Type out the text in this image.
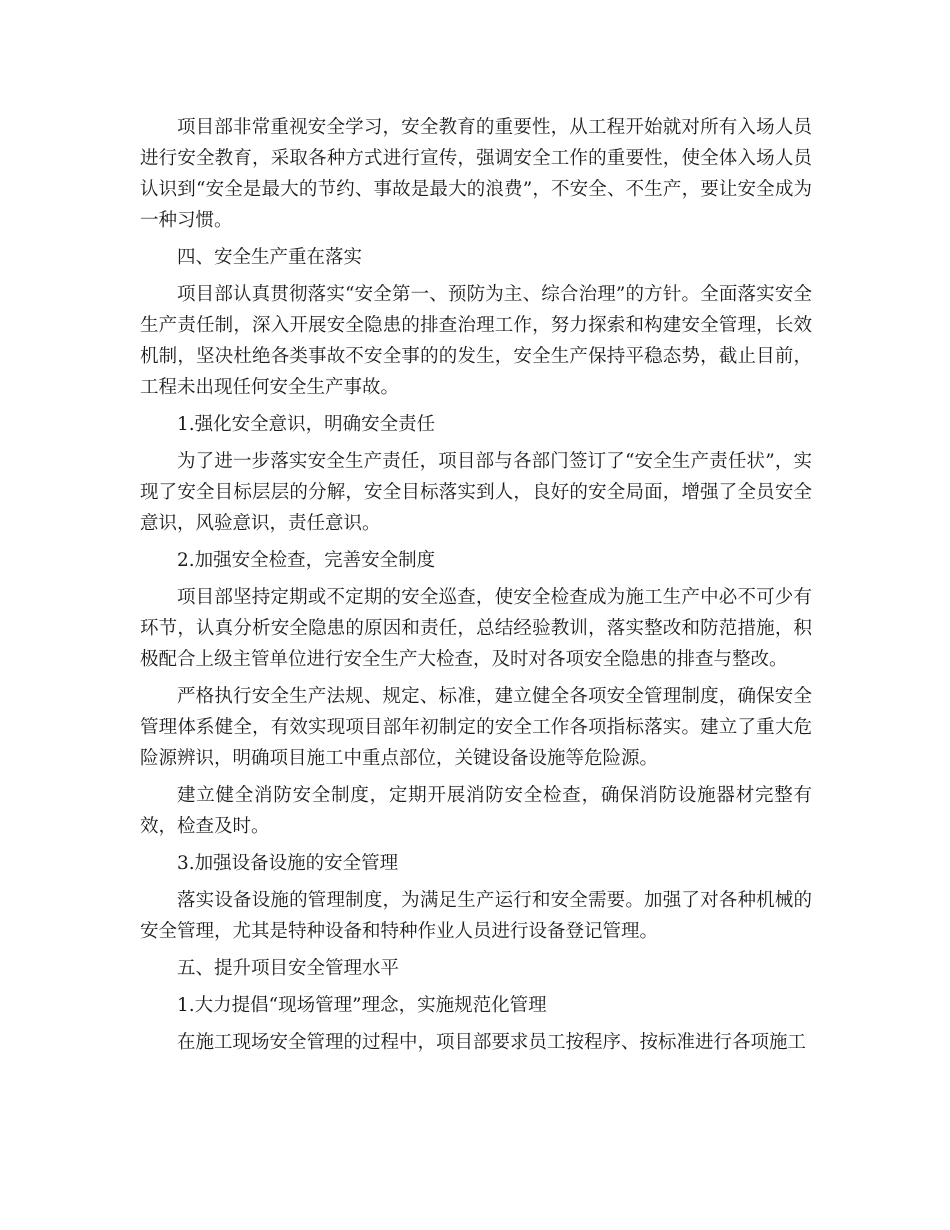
项目部非常重视安全学习，安全教育的重要性，从工程开始就对所有入场人员进行安全教育，采取各种方式进行宣传，强调安全工作的重要性，使全体入场人员认识到“安全是最大的节约、事故是最大的浪费”，不安全、不生产，要让安全成为一种习惯。

四、安全生产重在落实

项目部认真贯彻落实“安全第一、预防为主、综合治理”的方针。全面落实安全生产责任制，深入开展安全隐患的排查治理工作，努力探索和构建安全管理，长效机制，坚决杜绝各类事故不安全事的的发生，安全生产保持平稳态势，截止目前，工程未出现任何安全生产事故。

1.强化安全意识，明确安全责任

为了进一步落实安全生产责任，项目部与各部门签订了“安全生产责任状”，实现了安全目标层层的分解，安全目标落实到人，良好的安全局面，增强了全员安全意识，风验意识，责任意识。

2.加强安全检查，完善安全制度

项目部坚持定期或不定期的安全巡查，使安全检查成为施工生产中必不可少有环节，认真分析安全隐患的原因和责任，总结经验教训，落实整改和防范措施，积极配合上级主管单位进行安全生产大检查，及时对各项安全隐患的排查与整改。

严格执行安全生产法规、规定、标准，建立健全各项安全管理制度，确保安全管理体系健全，有效实现项目部年初制定的安全工作各项指标落实。建立了重大危险源辨识，明确项目施工中重点部位，关键设备设施等危险源。

建立健全消防安全制度，定期开展消防安全检查，确保消防设施器材完整有效，检查及时。

3.加强设备设施的安全管理

落实设备设施的管理制度，为满足生产运行和安全需要。加强了对各种机械的安全管理，尤其是特种设备和特种作业人员进行设备登记管理。

五、提升项目安全管理水平

1.大力提倡“现场管理”理念，实施规范化管理

在施工现场安全管理的过程中，项目部要求员工按程序、按标准进行各项施工
